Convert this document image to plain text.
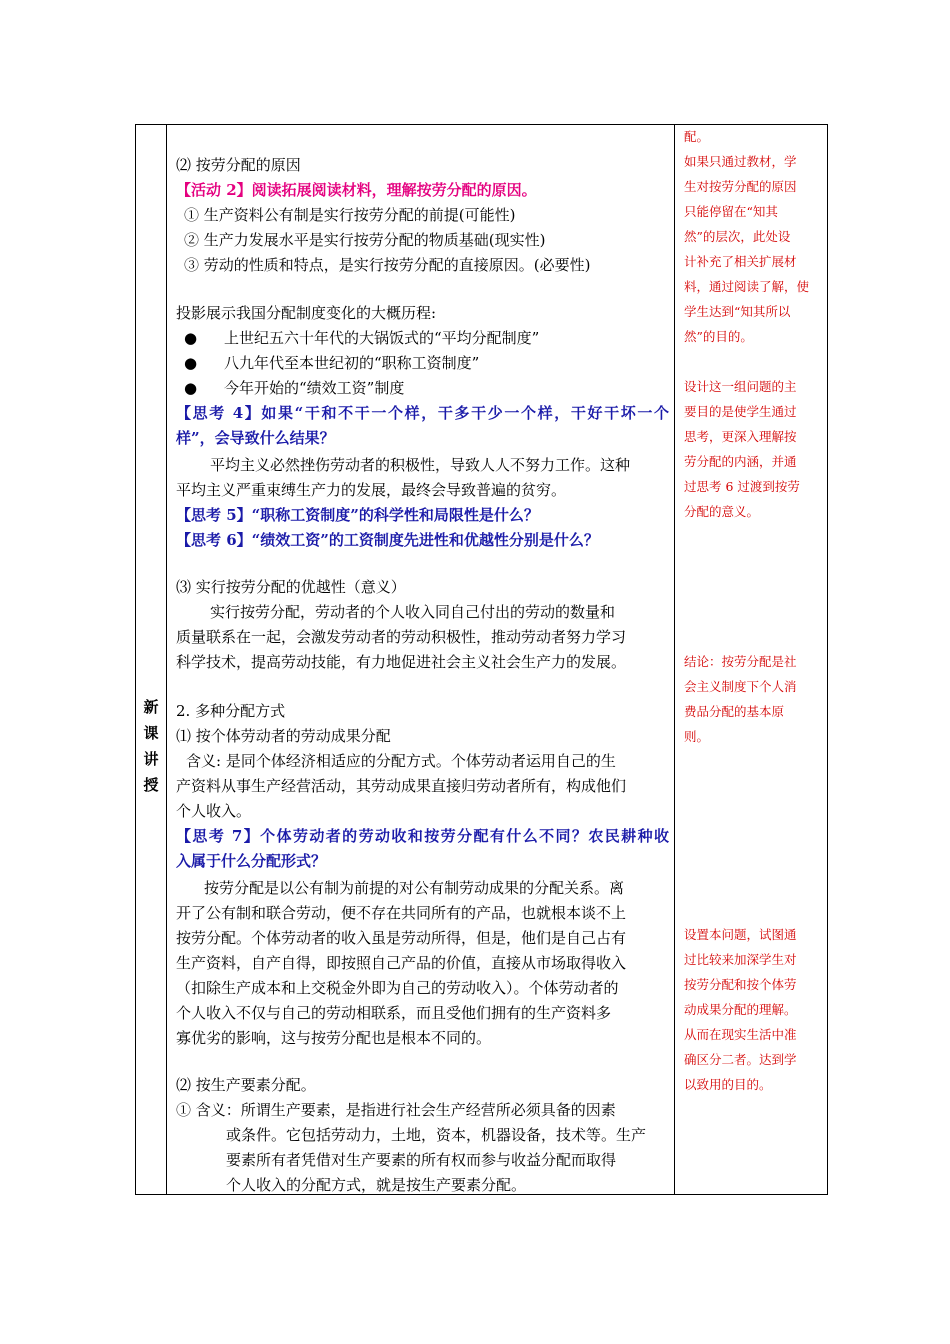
新
课
讲
授
⑵ 按劳分配的原因
【活动 2】阅读拓展阅读材料，理解按劳分配的原因。
① 生产资料公有制是实行按劳分配的前提(可能性)
② 生产力发展水平是实行按劳分配的物质基础(现实性)
③ 劳动的性质和特点，是实行按劳分配的直接原因。(必要性)
投影展示我国分配制度变化的大概历程:
● 上世纪五六十年代的大锅饭式的“平均分配制度”
● 八九年代至本世纪初的“职称工资制度”
● 今年开始的“绩效工资”制度
【思考 4】如果“干和不干一个样，干多干少一个样，干好干坏一个
样”，会导致什么结果？
平均主义必然挫伤劳动者的积极性，导致人人不努力工作。这种
平均主义严重束缚生产力的发展，最终会导致普遍的贫穷。
【思考 5】“职称工资制度”的科学性和局限性是什么？
【思考 6】“绩效工资”的工资制度先进性和优越性分别是什么？
⑶ 实行按劳分配的优越性（意义）
实行按劳分配，劳动者的个人收入同自己付出的劳动的数量和
质量联系在一起，会激发劳动者的劳动积极性，推动劳动者努力学习
科学技术，提高劳动技能，有力地促进社会主义社会生产力的发展。
2. 多种分配方式
⑴ 按个体劳动者的劳动成果分配
含义: 是同个体经济相适应的分配方式。个体劳动者运用自己的生
产资料从事生产经营活动，其劳动成果直接归劳动者所有，构成他们
个人收入。
【思考 7】个体劳动者的劳动收和按劳分配有什么不同？农民耕种收
入属于什么分配形式？
按劳分配是以公有制为前提的对公有制劳动成果的分配关系。离
开了公有制和联合劳动，便不存在共同所有的产品，也就根本谈不上
按劳分配。个体劳动者的收入虽是劳动所得，但是，他们是自己占有
生产资料，自产自得，即按照自己产品的价值，直接从市场取得收入
（扣除生产成本和上交税金外即为自己的劳动收入）。个体劳动者的
个人收入不仅与自己的劳动相联系，而且受他们拥有的生产资料多
寡优劣的影响，这与按劳分配也是根本不同的。
⑵ 按生产要素分配。
① 含义：所谓生产要素，是指进行社会生产经营所必须具备的因素
或条件。它包括劳动力，土地，资本，机器设备，技术等。生产
要素所有者凭借对生产要素的所有权而参与收益分配而取得
个人收入的分配方式，就是按生产要素分配。
配。
如果只通过教材，学
生对按劳分配的原因
只能停留在“知其
然”的层次，此处设
计补充了相关扩展材
料，通过阅读了解，使
学生达到“知其所以
然”的目的。
设计这一组问题的主
要目的是使学生通过
思考，更深入理解按
劳分配的内涵，并通
过思考 6 过渡到按劳
分配的意义。
结论：按劳分配是社
会主义制度下个人消
费品分配的基本原
则。
设置本问题，试图通
过比较来加深学生对
按劳分配和按个体劳
动成果分配的理解。
从而在现实生活中准
确区分二者。达到学
以致用的目的。
